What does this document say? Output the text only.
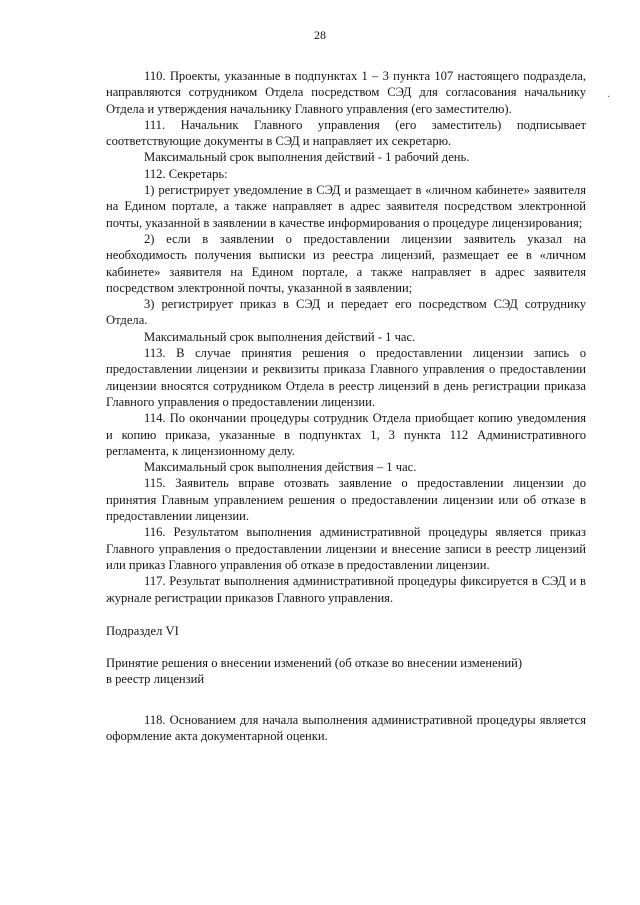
28
·

110. Проекты, указанные в подпунктах 1 – 3 пункта 107 настоящего подраздела, направляются сотрудником Отдела посредством СЭД для согласования начальнику Отдела и утверждения начальнику Главного управления (его заместителю).

111. Начальник Главного управления (его заместитель) подписывает соответствующие документы в СЭД и направляет их секретарю.

Максимальный срок выполнения действий - 1 рабочий день.

112. Секретарь:

1) регистрирует уведомление в СЭД и размещает в «личном кабинете» заявителя на Едином портале, а также направляет в адрес заявителя посредством электронной почты, указанной в заявлении в качестве информирования о процедуре лицензирования;

2) если в заявлении о предоставлении лицензии заявитель указал на необходимость получения выписки из реестра лицензий, размещает ее в «личном кабинете» заявителя на Едином портале, а также направляет в адрес заявителя посредством электронной почты, указанной в заявлении;

3) регистрирует приказ в СЭД и передает его посредством СЭД сотруднику Отдела.

Максимальный срок выполнения действий - 1 час.

113. В случае принятия решения о предоставлении лицензии запись о предоставлении лицензии и реквизиты приказа Главного управления о предоставлении лицензии вносятся сотрудником Отдела в реестр лицензий в день регистрации приказа Главного управления о предоставлении лицензии.

114. По окончании процедуры сотрудник Отдела приобщает копию уведомления и копию приказа, указанные в подпунктах 1, 3 пункта 112 Административного регламента, к лицензионному делу.

Максимальный срок выполнения действия – 1 час.

115. Заявитель вправе отозвать заявление о предоставлении лицензии до принятия Главным управлением решения о предоставлении лицензии или об отказе в предоставлении лицензии.

116. Результатом выполнения административной процедуры является приказ Главного управления о предоставлении лицензии и внесение записи в реестр лицензий или приказ Главного управления об отказе в предоставлении лицензии.

117. Результат выполнения административной процедуры фиксируется в СЭД и в журнале регистрации приказов Главного управления.

Подраздел VI

Принятие решения о внесении изменений (об отказе во внесении изменений)

в реестр лицензий

118. Основанием для начала выполнения административной процедуры является оформление акта документарной оценки.
